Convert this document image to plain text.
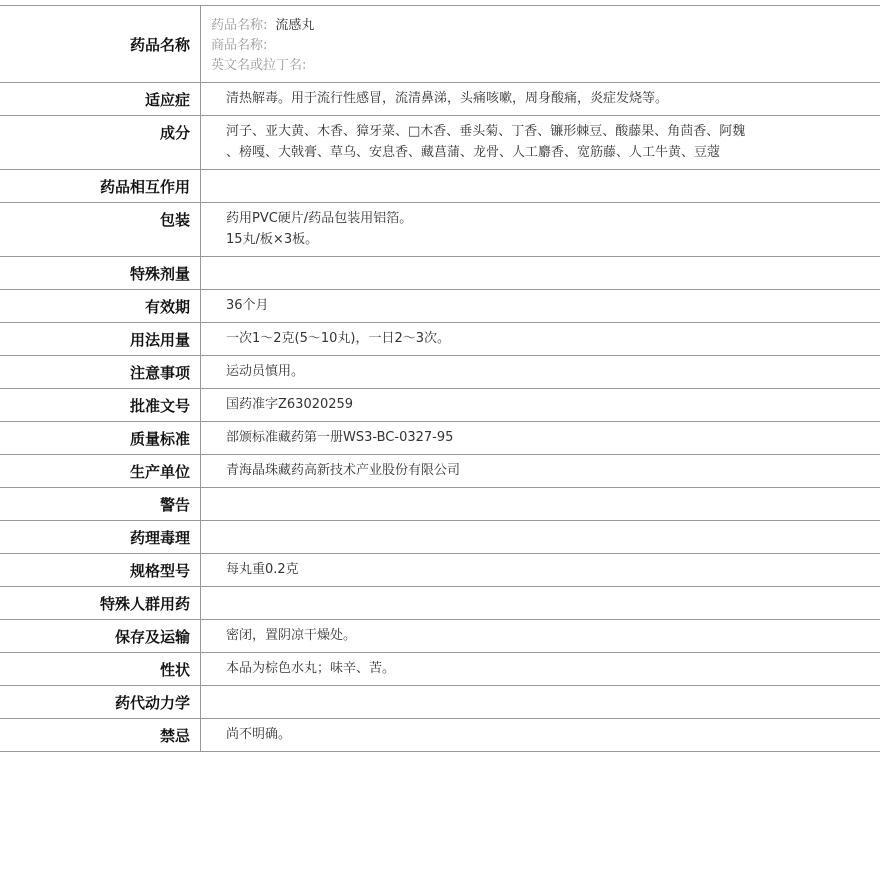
药品名称	药品名称: 流感丸
商品名称:
英文名或拉丁名:

适应症	清热解毒。用于流行性感冒，流清鼻涕，头痛咳嗽，周身酸痛，炎症发烧等。

成分	河子、亚大黄、木香、獐牙菜、□木香、垂头菊、丁香、镰形棘豆、酸藤果、角茴香、阿魏
、榜嘎、大戟膏、草乌、安息香、藏菖蒲、龙骨、人工麝香、宽筋藤、人工牛黄、豆蔻

药品相互作用	

包装	药用PVC硬片/药品包装用铝箔。
15丸/板×3板。

特殊剂量	

有效期	36个月

用法用量	一次1～2克(5～10丸)，一日2～3次。

注意事项	运动员慎用。

批准文号	国药准字Z63020259

质量标准	部颁标准藏药第一册WS3-BC-0327-95

生产单位	青海晶珠藏药高新技术产业股份有限公司

警告	

药理毒理	

规格型号	每丸重0.2克

特殊人群用药	

保存及运输	密闭，置阴凉干燥处。

性状	本品为棕色水丸；味辛、苦。

药代动力学	

禁忌	尚不明确。
